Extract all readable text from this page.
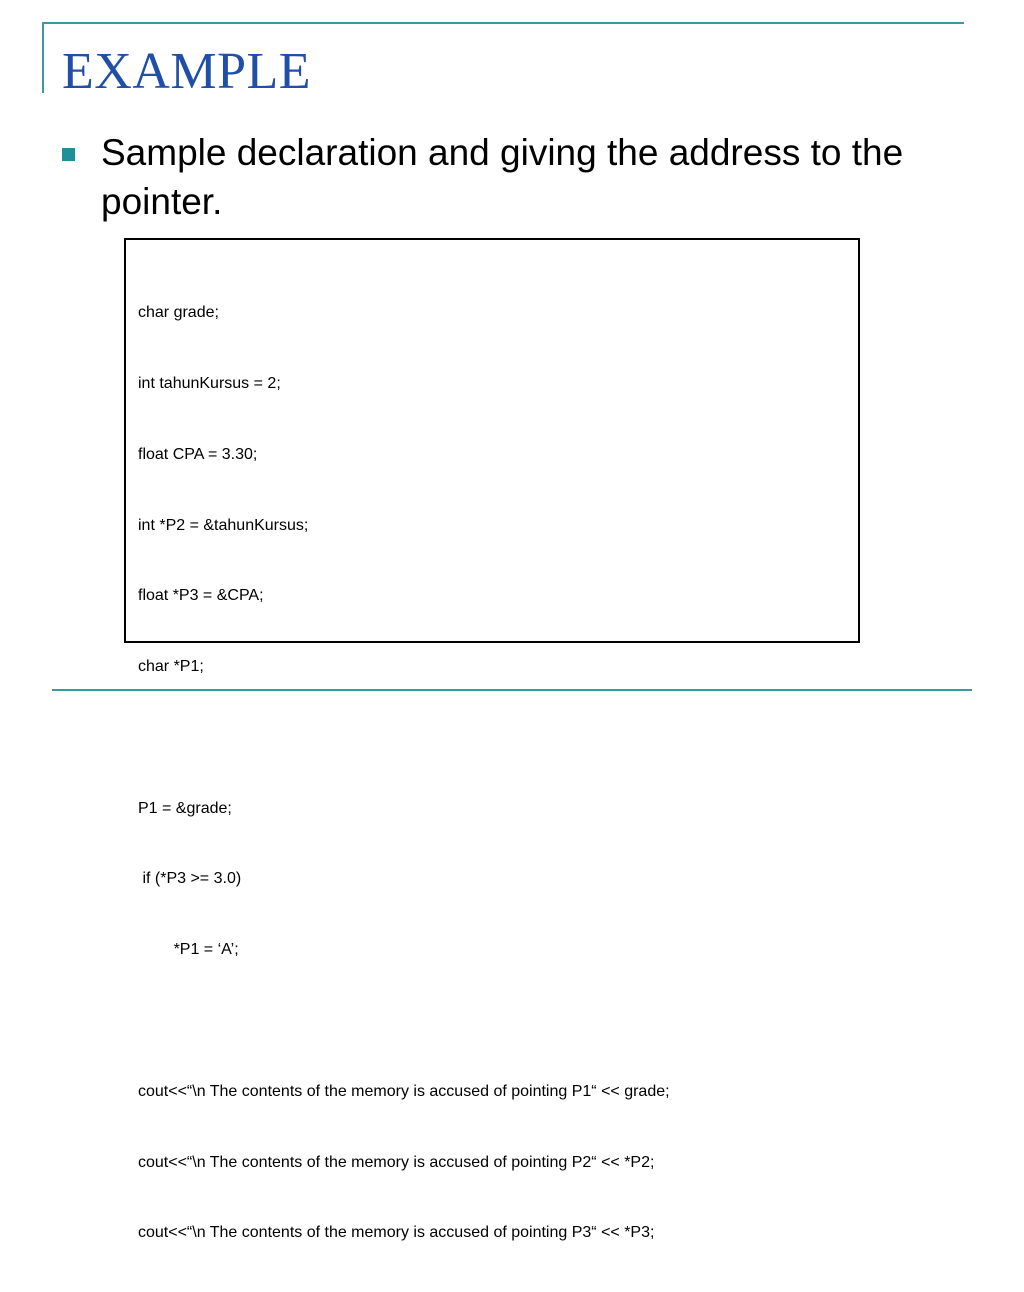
EXAMPLE

Sample declaration and giving the address to the pointer.

char grade;

int tahunKursus = 2;

float CPA = 3.30;

int *P2 = &tahunKursus;

float *P3 = &CPA;

char *P1;

P1 = &grade;

if (*P3 >= 3.0)

*P1 = ‘A’;

cout<<“\n The contents of the memory is accused of pointing P1“ << grade;

cout<<“\n The contents of the memory is accused of pointing P2“ << *P2;

cout<<“\n The contents of the memory is accused of pointing P3“ << *P3;
